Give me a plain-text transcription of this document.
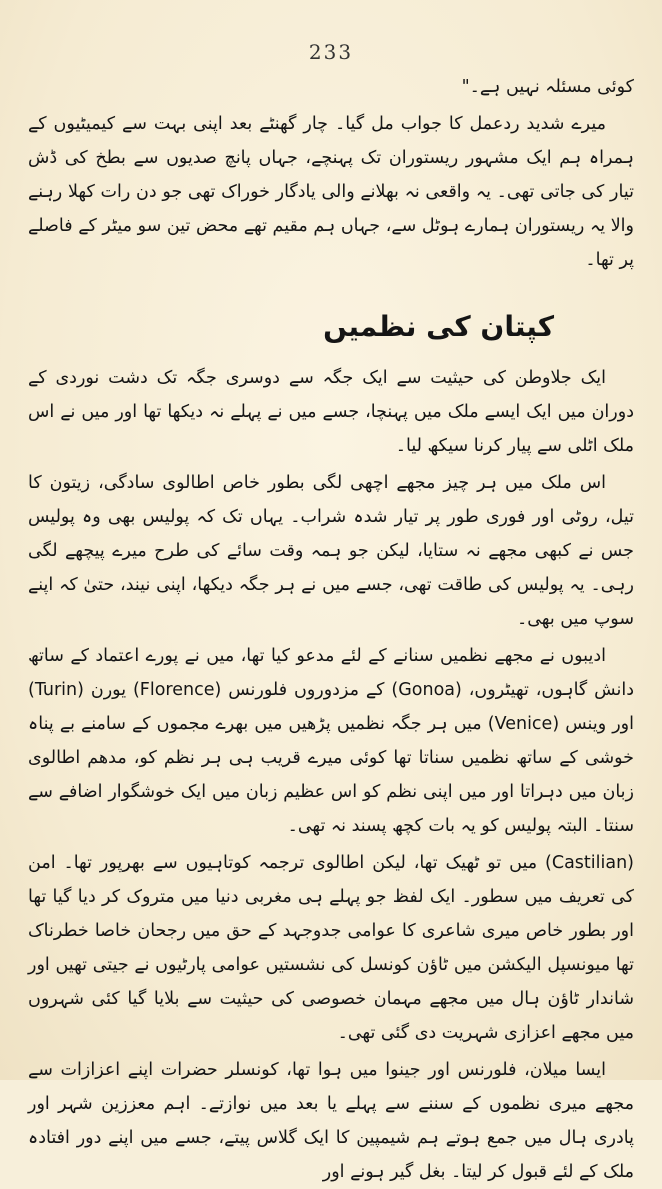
233

کوئی مسئلہ نہیں ہے۔"

میرے شدید ردعمل کا جواب مل گیا۔ چار گھنٹے بعد اپنی بہت سے کیمیٹیوں کے ہمراہ ہم ایک مشہور ریستوران تک پہنچے، جہاں پانچ صدیوں سے بطخ کی ڈش تیار کی جاتی تھی۔ یہ واقعی نہ بھلانے والی یادگار خوراک تھی جو دن رات کھلا رہنے والا یہ ریستوران ہمارے ہوٹل سے، جہاں ہم مقیم تھے محض تین سو میٹر کے فاصلے پر تھا۔

کپتان کی نظمیں

ایک جلاوطن کی حیثیت سے ایک جگہ سے دوسری جگہ تک دشت نوردی کے دوران میں ایک ایسے ملک میں پہنچا، جسے میں نے پہلے نہ دیکھا تھا اور میں نے اس ملک اٹلی سے پیار کرنا سیکھ لیا۔

اس ملک میں ہر چیز مجھے اچھی لگی بطور خاص اطالوی سادگی، زیتون کا تیل، روٹی اور فوری طور پر تیار شدہ شراب۔ یہاں تک کہ پولیس بھی وہ پولیس جس نے کبھی مجھے نہ ستایا، لیکن جو ہمہ وقت سائے کی طرح میرے پیچھے لگی رہی۔ یہ پولیس کی طاقت تھی، جسے میں نے ہر جگہ دیکھا، اپنی نیند، حتیٰ کہ اپنے سوپ میں بھی۔

ادیبوں نے مجھے نظمیں سنانے کے لئے مدعو کیا تھا، میں نے پورے اعتماد کے ساتھ دانش گاہوں، تھیٹروں، (Gonoa) کے مزدوروں فلورنس (Florence) یورن (Turin) اور وینس (Venice) میں ہر جگہ نظمیں پڑھیں میں بھرے مجموں کے سامنے بے پناہ خوشی کے ساتھ نظمیں سناتا تھا کوئی میرے قریب ہی ہر نظم کو، مدھم اطالوی زبان میں دہراتا اور میں اپنی نظم کو اس عظیم زبان میں ایک خوشگوار اضافے سے سنتا۔ البتہ پولیس کو یہ بات کچھ پسند نہ تھی۔

(Castilian) میں تو ٹھیک تھا، لیکن اطالوی ترجمہ کوتاہیوں سے بھرپور تھا۔ امن کی تعریف میں سطور۔ ایک لفظ جو پہلے ہی مغربی دنیا میں متروک کر دیا گیا تھا اور بطور خاص میری شاعری کا عوامی جدوجہد کے حق میں رجحان خاصا خطرناک تھا میونسپل الیکشن میں ٹاؤن کونسل کی نشستیں عوامی پارٹیوں نے جیتی تھیں اور شاندار ٹاؤن ہال میں مجھے مہمان خصوصی کی حیثیت سے بلایا گیا کئی شہروں میں مجھے اعزازی شہریت دی گئی تھی۔

ایسا میلان، فلورنس اور جینوا میں ہوا تھا، کونسلر حضرات اپنے اعزازات سے مجھے میری نظموں کے سننے سے پہلے یا بعد میں نوازتے۔ اہم معززین شہر اور پادری ہال میں جمع ہوتے ہم شیمپین کا ایک گلاس پیتے، جسے میں اپنے دور افتادہ ملک کے لئے قبول کر لیتا۔ بغل گیر ہونے اور
